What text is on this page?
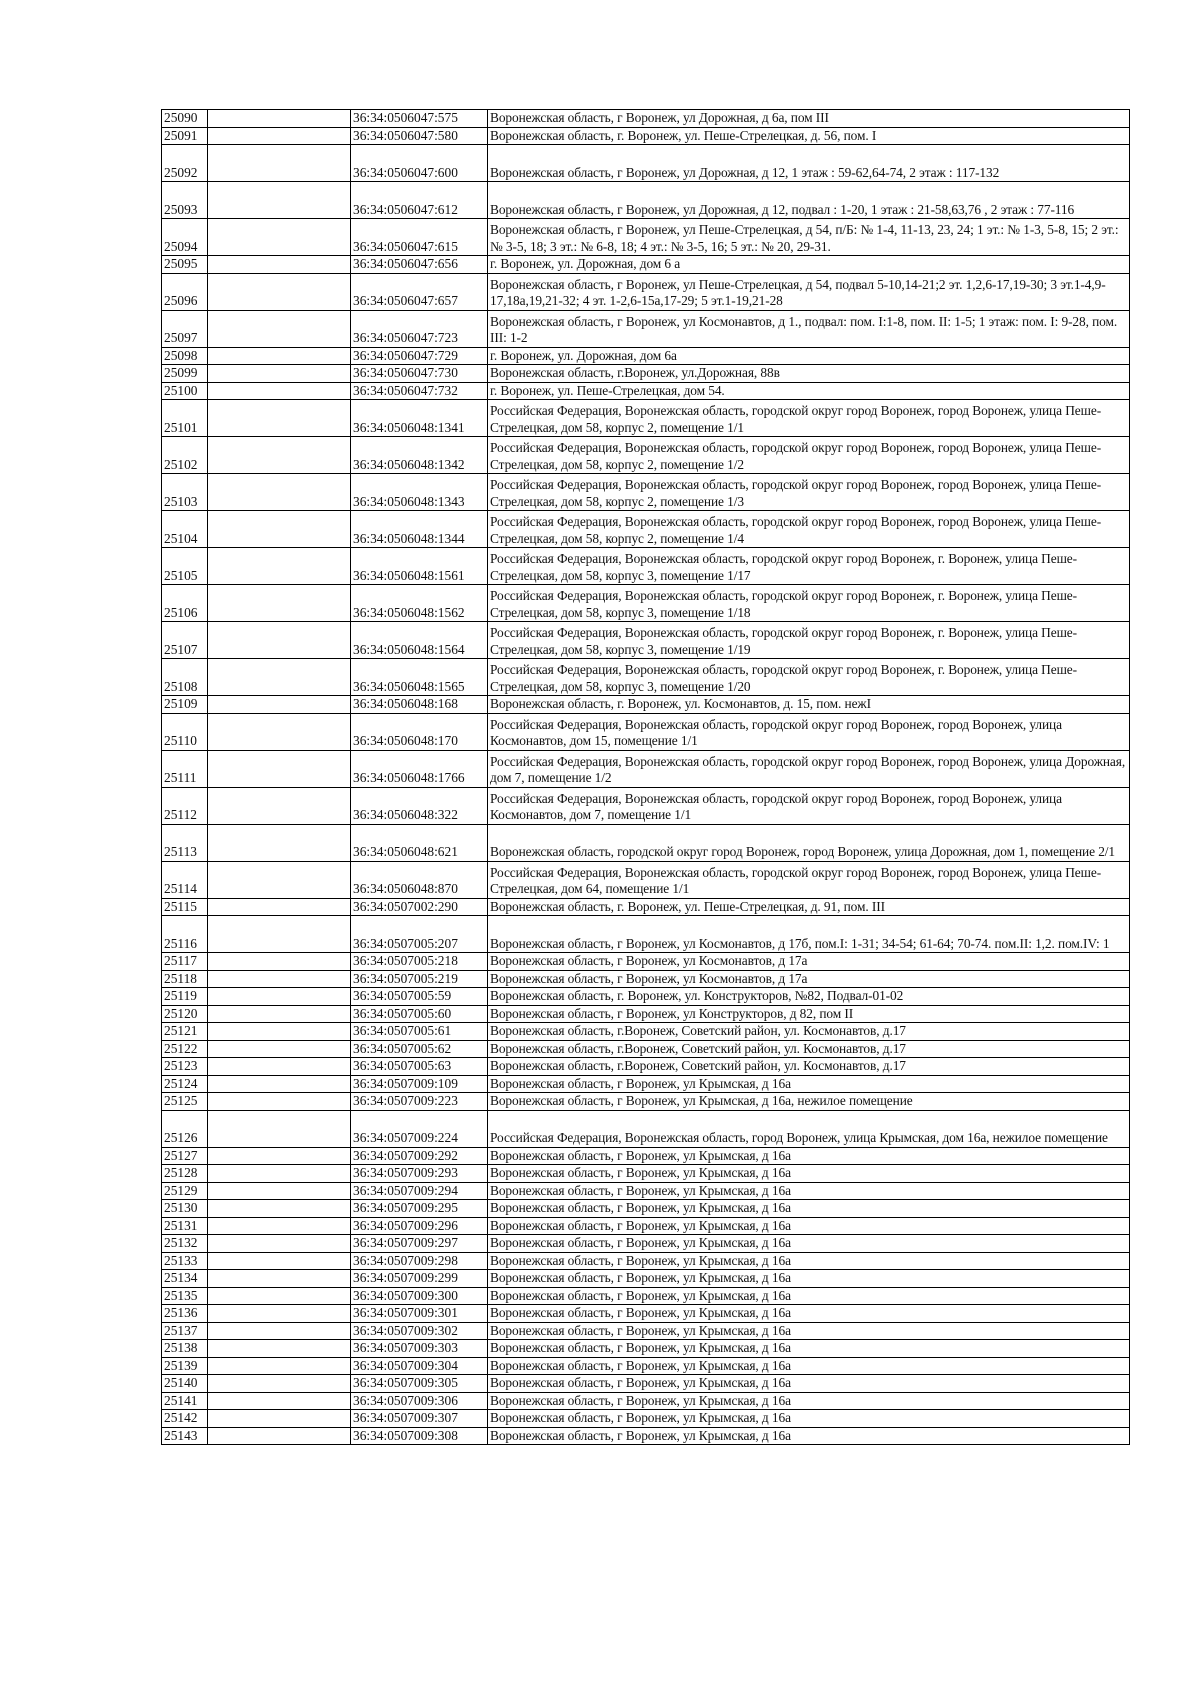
25090		36:34:0506047:575	Воронежская область, г Воронеж, ул Дорожная, д 6а, пом III
25091		36:34:0506047:580	Воронежская область, г. Воронеж, ул. Пеше-Стрелецкая, д. 56, пом. I
25092		36:34:0506047:600	Воронежская область, г Воронеж, ул Дорожная, д 12, 1 этаж : 59-62,64-74, 2 этаж : 117-132
25093		36:34:0506047:612	Воронежская область, г Воронеж, ул Дорожная, д 12, подвал : 1-20, 1 этаж : 21-58,63,76 , 2 этаж : 77-116
25094		36:34:0506047:615	Воронежская область, г Воронеж, ул Пеше-Стрелецкая, д 54, п/Б: № 1-4, 11-13, 23, 24; 1 эт.: № 1-3, 5-8, 15; 2 эт.: № 3-5, 18; 3 эт.: № 6-8, 18; 4 эт.: № 3-5, 16; 5 эт.: № 20, 29-31.
25095		36:34:0506047:656	г. Воронеж, ул. Дорожная, дом 6 а
25096		36:34:0506047:657	Воронежская область, г Воронеж, ул Пеше-Стрелецкая, д 54, подвал 5-10,14-21;2 эт. 1,2,6-17,19-30; 3 эт.1-4,9-17,18а,19,21-32; 4 эт. 1-2,6-15а,17-29; 5 эт.1-19,21-28
25097		36:34:0506047:723	Воронежская область, г Воронеж, ул Космонавтов, д 1., подвал: пом. I:1-8, пом. II: 1-5; 1 этаж: пом. I: 9-28, пом. III: 1-2
25098		36:34:0506047:729	г. Воронеж, ул. Дорожная, дом 6а
25099		36:34:0506047:730	Воронежская область, г.Воронеж, ул.Дорожная, 88в
25100		36:34:0506047:732	г. Воронеж, ул. Пеше-Стрелецкая, дом 54.
25101		36:34:0506048:1341	Российская Федерация, Воронежская область, городской округ город Воронеж, город Воронеж, улица Пеше-Стрелецкая, дом 58, корпус 2, помещение 1/1
25102		36:34:0506048:1342	Российская Федерация, Воронежская область, городской округ город Воронеж, город Воронеж, улица Пеше-Стрелецкая, дом 58, корпус 2, помещение 1/2
25103		36:34:0506048:1343	Российская Федерация, Воронежская область, городской округ город Воронеж, город Воронеж, улица Пеше-Стрелецкая, дом 58, корпус 2, помещение 1/3
25104		36:34:0506048:1344	Российская Федерация, Воронежская область, городской округ город Воронеж, город Воронеж, улица Пеше-Стрелецкая, дом 58, корпус 2, помещение 1/4
25105		36:34:0506048:1561	Российская Федерация, Воронежская область, городской округ город Воронеж, г. Воронеж, улица Пеше-Стрелецкая, дом 58, корпус 3, помещение 1/17
25106		36:34:0506048:1562	Российская Федерация, Воронежская область, городской округ город Воронеж, г. Воронеж, улица Пеше-Стрелецкая, дом 58, корпус 3, помещение 1/18
25107		36:34:0506048:1564	Российская Федерация, Воронежская область, городской округ город Воронеж, г. Воронеж, улица Пеше-Стрелецкая, дом 58, корпус 3, помещение 1/19
25108		36:34:0506048:1565	Российская Федерация, Воронежская область, городской округ город Воронеж, г. Воронеж, улица Пеше-Стрелецкая, дом 58, корпус 3, помещение 1/20
25109		36:34:0506048:168	Воронежская область, г. Воронеж, ул. Космонавтов, д. 15, пом. нежI
25110		36:34:0506048:170	Российская Федерация, Воронежская область, городской округ город Воронеж, город Воронеж, улица Космонавтов, дом 15, помещение 1/1
25111		36:34:0506048:1766	Российская Федерация, Воронежская область, городской округ город Воронеж, город Воронеж, улица Дорожная, дом 7, помещение 1/2
25112		36:34:0506048:322	Российская Федерация, Воронежская область, городской округ город Воронеж, город Воронеж, улица Космонавтов, дом 7, помещение 1/1
25113		36:34:0506048:621	Воронежская область, городской округ город Воронеж, город Воронеж, улица Дорожная, дом 1, помещение 2/1
25114		36:34:0506048:870	Российская Федерация, Воронежская область, городской округ город Воронеж, город Воронеж, улица Пеше-Стрелецкая, дом 64, помещение 1/1
25115		36:34:0507002:290	Воронежская область, г. Воронеж, ул. Пеше-Стрелецкая, д. 91, пом. III
25116		36:34:0507005:207	Воронежская область, г Воронеж, ул Космонавтов, д 17б, пом.I: 1-31; 34-54; 61-64; 70-74. пом.II: 1,2. пом.IV: 1
25117		36:34:0507005:218	Воронежская область, г Воронеж, ул Космонавтов, д 17а
25118		36:34:0507005:219	Воронежская область, г Воронеж, ул Космонавтов, д 17а
25119		36:34:0507005:59	Воронежская область, г. Воронеж, ул. Конструкторов, №82, Подвал-01-02
25120		36:34:0507005:60	Воронежская область, г Воронеж, ул Конструкторов, д 82, пом II
25121		36:34:0507005:61	Воронежская область, г.Воронеж, Советский район, ул. Космонавтов, д.17
25122		36:34:0507005:62	Воронежская область, г.Воронеж, Советский район, ул. Космонавтов, д.17
25123		36:34:0507005:63	Воронежская область, г.Воронеж, Советский район, ул. Космонавтов, д.17
25124		36:34:0507009:109	Воронежская область, г Воронеж, ул Крымская, д 16а
25125		36:34:0507009:223	Воронежская область, г Воронеж, ул Крымская, д 16а, нежилое помещение
25126		36:34:0507009:224	Российская Федерация, Воронежская область, город Воронеж, улица Крымская, дом 16а, нежилое помещение
25127		36:34:0507009:292	Воронежская область, г Воронеж, ул Крымская, д 16а
25128		36:34:0507009:293	Воронежская область, г Воронеж, ул Крымская, д 16а
25129		36:34:0507009:294	Воронежская область, г Воронеж, ул Крымская, д 16а
25130		36:34:0507009:295	Воронежская область, г Воронеж, ул Крымская, д 16а
25131		36:34:0507009:296	Воронежская область, г Воронеж, ул Крымская, д 16а
25132		36:34:0507009:297	Воронежская область, г Воронеж, ул Крымская, д 16а
25133		36:34:0507009:298	Воронежская область, г Воронеж, ул Крымская, д 16а
25134		36:34:0507009:299	Воронежская область, г Воронеж, ул Крымская, д 16а
25135		36:34:0507009:300	Воронежская область, г Воронеж, ул Крымская, д 16а
25136		36:34:0507009:301	Воронежская область, г Воронеж, ул Крымская, д 16а
25137		36:34:0507009:302	Воронежская область, г Воронеж, ул Крымская, д 16а
25138		36:34:0507009:303	Воронежская область, г Воронеж, ул Крымская, д 16а
25139		36:34:0507009:304	Воронежская область, г Воронеж, ул Крымская, д 16а
25140		36:34:0507009:305	Воронежская область, г Воронеж, ул Крымская, д 16а
25141		36:34:0507009:306	Воронежская область, г Воронеж, ул Крымская, д 16а
25142		36:34:0507009:307	Воронежская область, г Воронеж, ул Крымская, д 16а
25143		36:34:0507009:308	Воронежская область, г Воронеж, ул Крымская, д 16а
